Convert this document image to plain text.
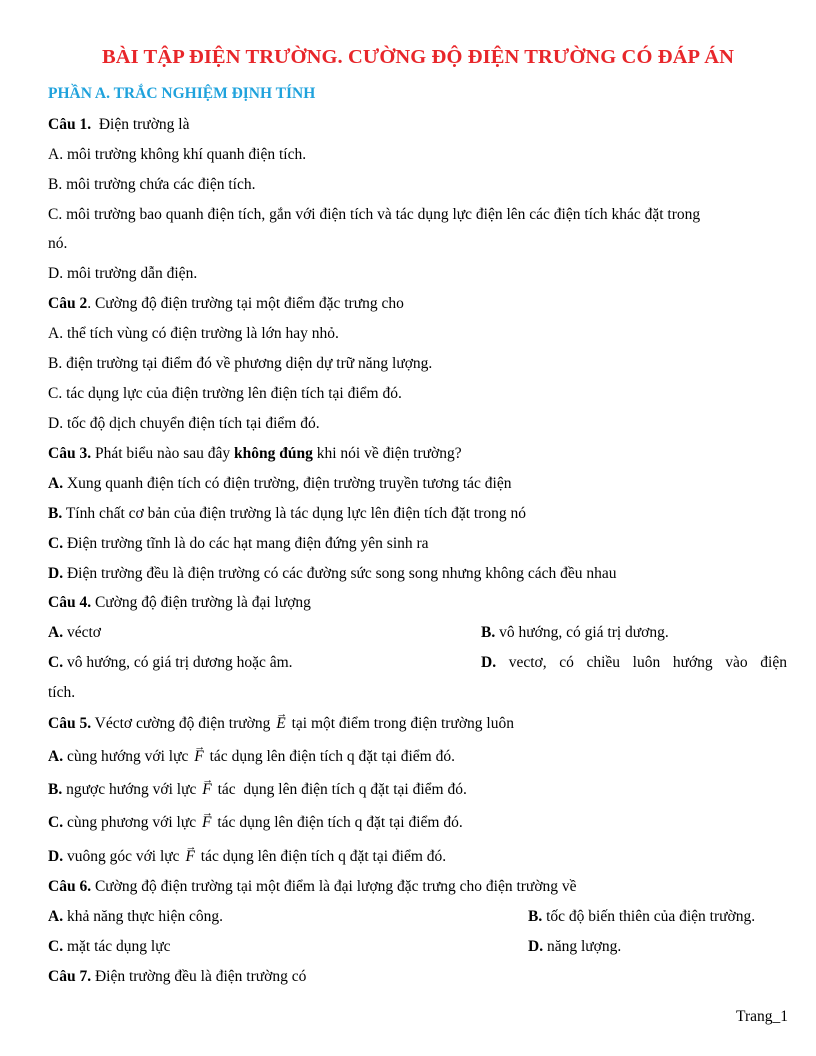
BÀI TẬP ĐIỆN TRƯỜNG. CƯỜNG ĐỘ ĐIỆN TRƯỜNG CÓ ĐÁP ÁN
PHẦN A. TRẮC NGHIỆM ĐỊNH TÍNH
Câu 1.  Điện trường là
A. môi trường không khí quanh điện tích.
B. môi trường chứa các điện tích.
C. môi trường bao quanh điện tích, gắn với điện tích và tác dụng lực điện lên các điện tích khác đặt trong
nó.
D. môi trường dẫn điện.
Câu 2. Cường độ điện trường tại một điểm đặc trưng cho
A. thể tích vùng có điện trường là lớn hay nhỏ.
B. điện trường tại điểm đó về phương diện dự trữ năng lượng.
C. tác dụng lực của điện trường lên điện tích tại điểm đó.
D. tốc độ dịch chuyển điện tích tại điểm đó.
Câu 3. Phát biểu nào sau đây không đúng khi nói về điện trường?
A. Xung quanh điện tích có điện trường, điện trường truyền tương tác điện
B. Tính chất cơ bản của điện trường là tác dụng lực lên điện tích đặt trong nó
C. Điện trường tĩnh là do các hạt mang điện đứng yên sinh ra
D. Điện trường đều là điện trường có các đường sức song song nhưng không cách đều nhau
Câu 4. Cường độ điện trường là đại lượng
A. véctơ	B. vô hướng, có giá trị dương.
C. vô hướng, có giá trị dương hoặc âm.	D. vectơ, có chiều luôn hướng vào điện
tích.
Câu 5. Véctơ cường độ điện trường → E tại một điểm trong điện trường luôn
A. cùng hướng với lực → F tác dụng lên điện tích q đặt tại điểm đó.
B. ngược hướng với lực → F tác  dụng lên điện tích q đặt tại điểm đó.
C. cùng phương với lực → F tác dụng lên điện tích q đặt tại điểm đó.
D. vuông góc với lực → F tác dụng lên điện tích q đặt tại điểm đó.
Câu 6. Cường độ điện trường tại một điểm là đại lượng đặc trưng cho điện trường về
A. khả năng thực hiện công.	B. tốc độ biến thiên của điện trường.
C. mặt tác dụng lực	D. năng lượng.
Câu 7. Điện trường đều là điện trường có
Trang_1
